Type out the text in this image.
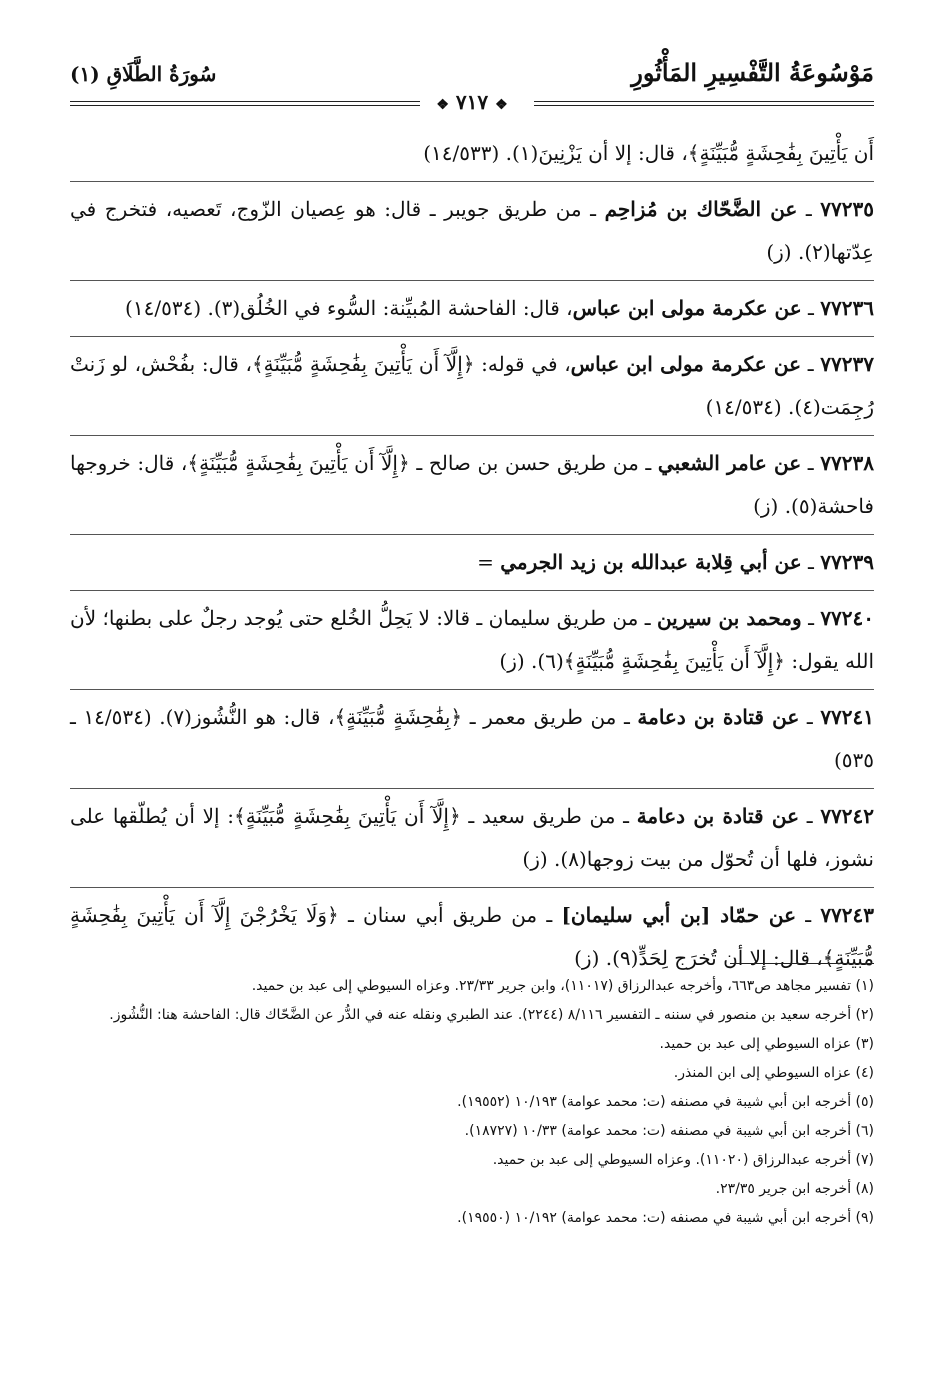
مَوْسُوعَةُ التَّفْسِيرِ المَأْثُورِ
سُورَةُ الطَّلَاقِ (١)
❖ ٧١٧ ❖
أَن يَأْتِينَ بِفَٰحِشَةٍ مُّبَيِّنَةٍ﴾، قال: إلا أن يَزْنِينَ(١). (١٤/٥٣٣)
٧٧٢٣٥ ـ عن الضَّحّاك بن مُزاحِم ـ من طريق جويبر ـ قال: هو عِصيان الزّوج، تَعصيه، فتخرج في عِدّتها(٢). (ز)
٧٧٢٣٦ ـ عن عكرمة مولى ابن عباس، قال: الفاحشة المُبيِّنة: السُّوء في الخُلُق(٣). (١٤/٥٣٤)
٧٧٢٣٧ ـ عن عكرمة مولى ابن عباس، في قوله: ﴿إِلَّآ أَن يَأْتِينَ بِفَٰحِشَةٍ مُّبَيِّنَةٍ﴾، قال: بفُحْش، لو زَنتْ رُجِمَت(٤). (١٤/٥٣٤)
٧٧٢٣٨ ـ عن عامر الشعبي ـ من طريق حسن بن صالح ـ ﴿إِلَّآ أَن يَأْتِينَ بِفَٰحِشَةٍ مُّبَيِّنَةٍ﴾، قال: خروجها فاحشة(٥). (ز)
٧٧٢٣٩ ـ عن أبي قِلابة عبدالله بن زيد الجرمي =
٧٧٢٤٠ ـ ومحمد بن سيرين ـ من طريق سليمان ـ قالا: لا يَحِلُّ الخُلع حتى يُوجد رجلٌ على بطنها؛ لأن الله يقول: ﴿إِلَّآ أَن يَأْتِينَ بِفَٰحِشَةٍ مُّبَيِّنَةٍ﴾(٦). (ز)
٧٧٢٤١ ـ عن قتادة بن دعامة ـ من طريق معمر ـ ﴿بِفَٰحِشَةٍ مُّبَيِّنَةٍ﴾، قال: هو النُّشُوز(٧). (١٤/٥٣٤ ـ ٥٣٥)
٧٧٢٤٢ ـ عن قتادة بن دعامة ـ من طريق سعيد ـ ﴿إِلَّآ أَن يَأْتِينَ بِفَٰحِشَةٍ مُّبَيِّنَةٍ﴾: إلا أن يُطلّقها على نشوز، فلها أن تُحوّل من بيت زوجها(٨). (ز)
٧٧٢٤٣ ـ عن حمّاد [بن أبي سليمان] ـ من طريق أبي سنان ـ ﴿وَلَا يَخْرُجْنَ إِلَّآ أَن يَأْتِينَ بِفَٰحِشَةٍ مُّبَيِّنَةٍ﴾، قال: إلا أن تُخرَج لِحَدٍّ(٩). (ز)
(١) تفسير مجاهد ص٦٦٣، وأخرجه عبدالرزاق (١١٠١٧)، وابن جرير ٢٣/٣٣. وعزاه السيوطي إلى عبد بن حميد.
(٢) أخرجه سعيد بن منصور في سننه ـ التفسير ٨/١١٦ (٢٢٤٤). عند الطبري ونقله عنه في الدُّر عن الضَّحّاك قال: الفاحشة هنا: النُّشُوز.
(٣) عزاه السيوطي إلى عبد بن حميد.
(٤) عزاه السيوطي إلى ابن المنذر.
(٥) أخرجه ابن أبي شيبة في مصنفه (ت: محمد عوامة) ١٠/١٩٣ (١٩٥٥٢).
(٦) أخرجه ابن أبي شيبة في مصنفه (ت: محمد عوامة) ١٠/٣٣ (١٨٧٢٧).
(٧) أخرجه عبدالرزاق (١١٠٢٠). وعزاه السيوطي إلى عبد بن حميد.
(٨) أخرجه ابن جرير ٢٣/٣٥.
(٩) أخرجه ابن أبي شيبة في مصنفه (ت: محمد عوامة) ١٠/١٩٢ (١٩٥٥٠).
